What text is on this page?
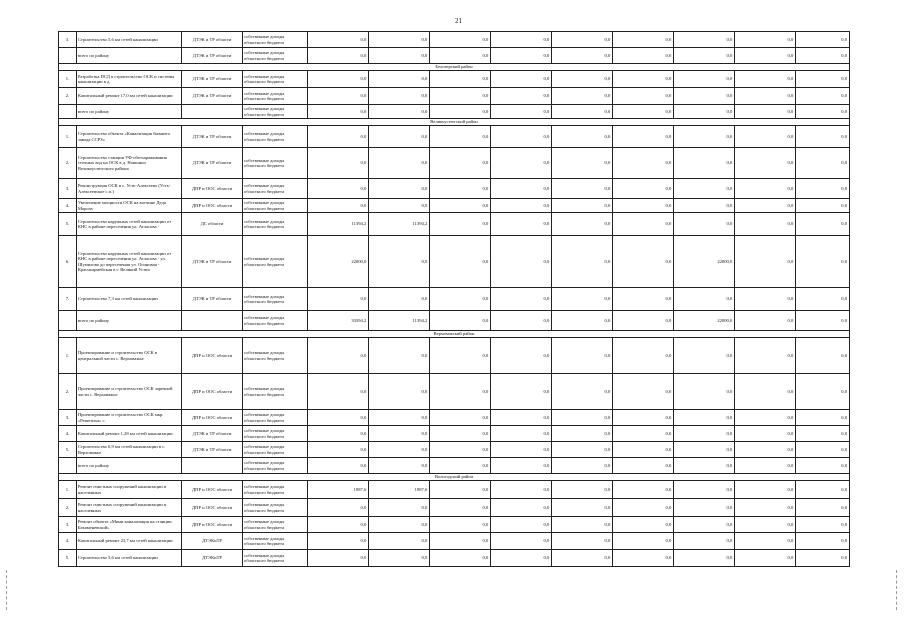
21
3.	Строительство 5,6 км сетей канализации	ДТЭК и ТР области	собственные доходы областного бюджета	0,0	0,0	0,0	0,0	0,0	0,0	0,0	0,0	0,0
	всего по району	ДТЭК и ТР области	собственные доходы областного бюджета	0,0	0,0	0,0	0,0	0,0	0,0	0,0	0,0	0,0
Белозерский район												
1.	Разработка ПСД в строительство ОСК и системы канализации в д.	ДТЭК и ТР области	собственные доходы областного бюджета	0,0	0,0	0,0	0,0	0,0	0,0	0,0	0,0	0,0
2.	Капитальный ремонт 17,0 км сетей канализации	ДТЭК и ТР области	собственные доходы областного бюджета	0,0	0,0	0,0	0,0	0,0	0,0	0,0	0,0	0,0
	всего по району		собственные доходы областного бюджета	0,0	0,0	0,0	0,0	0,0	0,0	0,0	0,0	0,0
Великоустюгский район												
1.	Строительство объекта «Канализация бывшего завода ССРЗ»	ДТЭК и ТР области	собственные доходы областного бюджета	0,0	0,0	0,0	0,0	0,0	0,0	0,0	0,0	0,0
2.	Строительство станции УФ-обеззараживания сточных вод на ОСК в д. Новшино Великоустюгского района	ДТЭК и ТР области	собственные доходы областного бюджета	0,0	0,0	0,0	0,0	0,0	0,0	0,0	0,0	0,0
3.	Реконструкция ОСК в с. Усть-Алексеево (Усть-Алексеевское с.п.)	ДПР и ООС области	собственные доходы областного бюджета	0,0	0,0	0,0	0,0	0,0	0,0	0,0	0,0	0,0
4.	Увеличение мощности ОСК на вотчине Деда Мороза	ДПР и ООС области	собственные доходы областного бюджета	0,0	0,0	0,0	0,0	0,0	0,0	0,0	0,0	0,0
5.	Строительство наружных сетей канализации от КНС в районе пересечения ул. Атласова -	ДС области	собственные доходы областного бюджета	11394,2	11394,2	0,0	0,0	0,0	0,0	0,0	0,0	0,0
6.	Строительство наружных сетей канализации от КНС в районе пересечения ул. Атласова - ул. Шумилова до пересечения ул. Осиновая - Красноармейская в г. Великий Устюг	ДТЭК и ТР области	собственные доходы областного бюджета	22000,0	0,0	0,0	0,0	0,0	0,0	22000,0	0,0	0,0
7.	Строительство 7,3 км сетей канализации	ДТЭК и ТР области	собственные доходы областного бюджета	0,0	0,0	0,0	0,0	0,0	0,0	0,0	0,0	0,0
	всего по району		собственные доходы областного бюджета	33394,2	11394,2	0,0	0,0	0,0	0,0	22000,0	0,0	0,0
Верховажский район												
1.	Проектирование и строительство ОСК в центральной части с. Верховажье	ДПР и ООС области	собственные доходы областного бюджета	0,0	0,0	0,0	0,0	0,0	0,0	0,0	0,0	0,0
2.	Проектирование и строительство ОСК заречной части с. Верховажье	ДПР и ООС области	собственные доходы областного бюджета	0,0	0,0	0,0	0,0	0,0	0,0	0,0	0,0	0,0
3.	Проектирование и строительство ОСК мкр. «Решетиха» с.	ДПР и ООС области	собственные доходы областного бюджета	0,0	0,0	0,0	0,0	0,0	0,0	0,0	0,0	0,0
4.	Капитальный ремонт 1,28 км сетей канализации	ДТЭК и ТР области	собственные доходы областного бюджета	0,0	0,0	0,0	0,0	0,0	0,0	0,0	0,0	0,0
5.	Строительство 6,9 км сетей канализации в с. Верховажье	ДТЭК и ТР области	собственные доходы областного бюджета	0,0	0,0	0,0	0,0	0,0	0,0	0,0	0,0	0,0
	всего по району		собственные доходы областного бюджета	0,0	0,0	0,0	0,0	0,0	0,0	0,0	0,0	0,0
Вологодский район												
1.	Ремонт очистных сооружений канализации в населенных	ДПР и ООС области	собственные доходы областного бюджета	1987,6	1987,6	0,0	0,0	0,0	0,0	0,0	0,0	0,0
2.	Ремонт очистных сооружений канализации в населенных	ДПР и ООС области	собственные доходы областного бюджета	0,0	0,0	0,0	0,0	0,0	0,0	0,0	0,0	0,0
3.	Ремонт объекта «Мини канализация на станции Бекаменевской»	ДПР и ООС области	собственные доходы областного бюджета	0,0	0,0	0,0	0,0	0,0	0,0	0,0	0,0	0,0
4.	Капитальный ремонт 23,7 км сетей канализации	ДТЭКиТР	собственные доходы областного бюджета	0,0	0,0	0,0	0,0	0,0	0,0	0,0	0,0	0,0
5.	Строительство 3,6 км сетей канализации	ДТЭКиТР	собственные доходы областного бюджета	0,0	0,0	0,0	0,0	0,0	0,0	0,0	0,0	0,0
